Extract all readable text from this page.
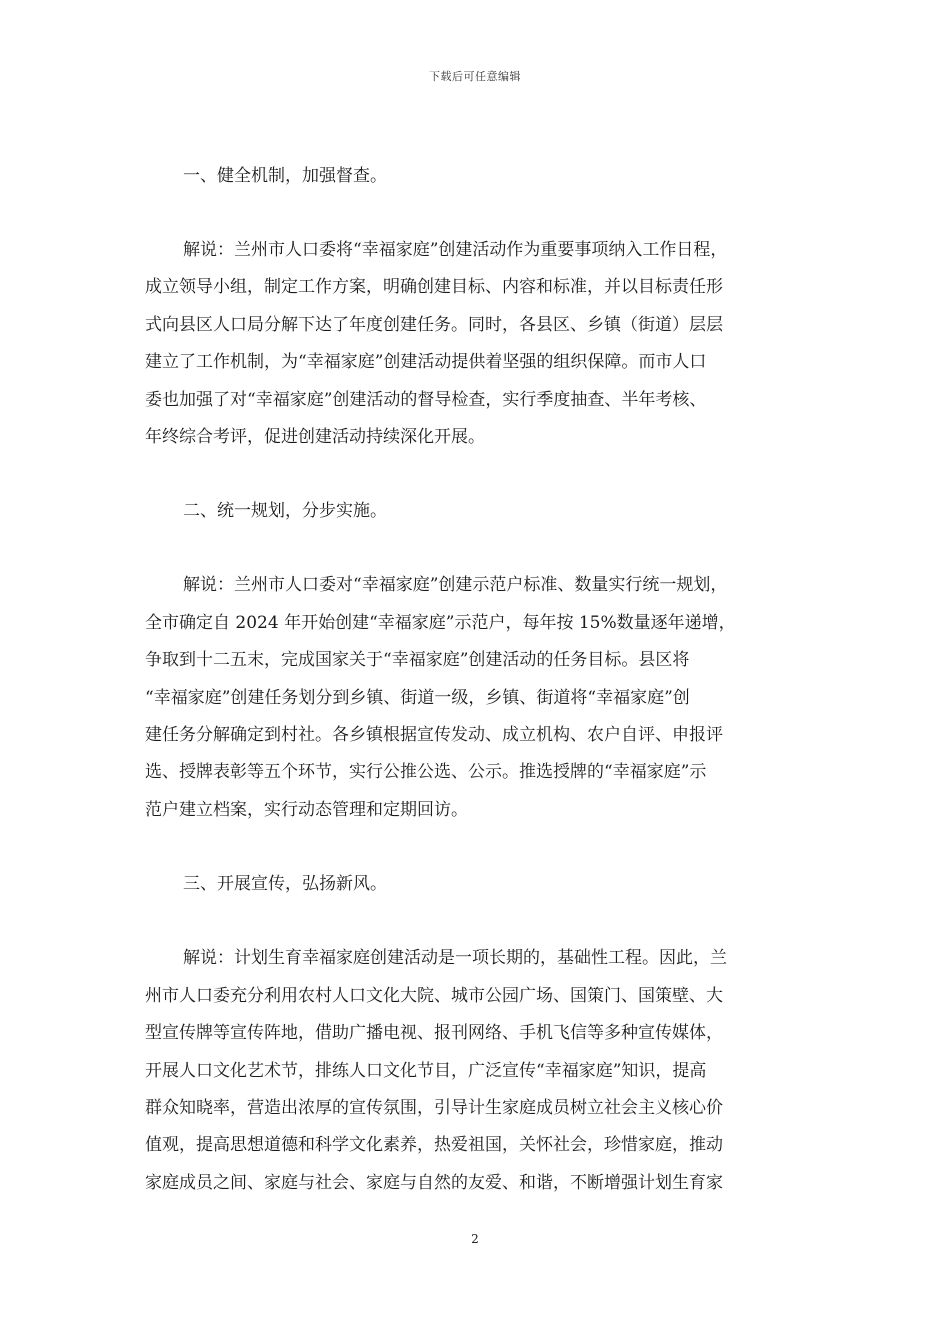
下载后可任意编辑

一、健全机制，加强督查。

解说：兰州市人口委将“幸福家庭”创建活动作为重要事项纳入工作日程，
成立领导小组，制定工作方案，明确创建目标、内容和标准，并以目标责任形
式向县区人口局分解下达了年度创建任务。同时，各县区、乡镇（街道）层层
建立了工作机制，为“幸福家庭”创建活动提供着坚强的组织保障。而市人口
委也加强了对“幸福家庭”创建活动的督导检查，实行季度抽查、半年考核、
年终综合考评，促进创建活动持续深化开展。

二、统一规划，分步实施。

解说：兰州市人口委对“幸福家庭”创建示范户标准、数量实行统一规划，
全市确定自 2024 年开始创建“幸福家庭”示范户，每年按 15%数量逐年递增，
争取到十二五末，完成国家关于“幸福家庭”创建活动的任务目标。县区将
“幸福家庭”创建任务划分到乡镇、街道一级，乡镇、街道将“幸福家庭”创
建任务分解确定到村社。各乡镇根据宣传发动、成立机构、农户自评、申报评
选、授牌表彰等五个环节，实行公推公选、公示。推选授牌的“幸福家庭”示
范户建立档案，实行动态管理和定期回访。

三、开展宣传，弘扬新风。

解说：计划生育幸福家庭创建活动是一项长期的，基础性工程。因此，兰
州市人口委充分利用农村人口文化大院、城市公园广场、国策门、国策壁、大
型宣传牌等宣传阵地，借助广播电视、报刊网络、手机飞信等多种宣传媒体，
开展人口文化艺术节，排练人口文化节目，广泛宣传“幸福家庭”知识，提高
群众知晓率，营造出浓厚的宣传氛围，引导计生家庭成员树立社会主义核心价
值观，提高思想道德和科学文化素养，热爱祖国，关怀社会，珍惜家庭，推动
家庭成员之间、家庭与社会、家庭与自然的友爱、和谐，不断增强计划生育家
2
